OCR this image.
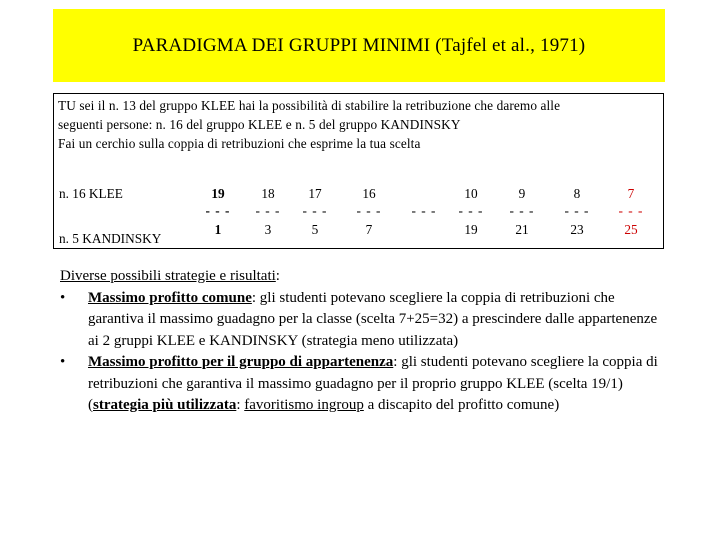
PARADIGMA DEI GRUPPI MINIMI (Tajfel et al., 1971)
TU sei il n. 13 del gruppo KLEE hai la possibilità di stabilire la retribuzione che daremo alle
seguenti persone: n. 16 del gruppo KLEE e n. 5 del gruppo KANDINSKY
Fai un cerchio sulla coppia di retribuzioni che esprime la tua scelta
n. 16 KLEE
n. 5 KANDINSKY
19
- - -
1
18
- - -
3
17
- - -
5
16
- - -
7
- - -
10
- - -
19
9
- - -
21
8
- - -
23
7
- - -
25
Diverse possibili strategie e risultati:
•	Massimo profitto comune: gli studenti potevano scegliere la coppia di retribuzioni che garantiva il massimo guadagno per la classe (scelta 7+25=32) a prescindere dalle appartenenze ai 2 gruppi KLEE e KANDINSKY (strategia meno utilizzata)

•	Massimo profitto per il gruppo di appartenenza: gli studenti potevano scegliere la coppia di retribuzioni che garantiva il massimo guadagno per il proprio gruppo KLEE (scelta 19/1) (strategia più utilizzata: favoritismo ingroup a discapito del profitto comune)
